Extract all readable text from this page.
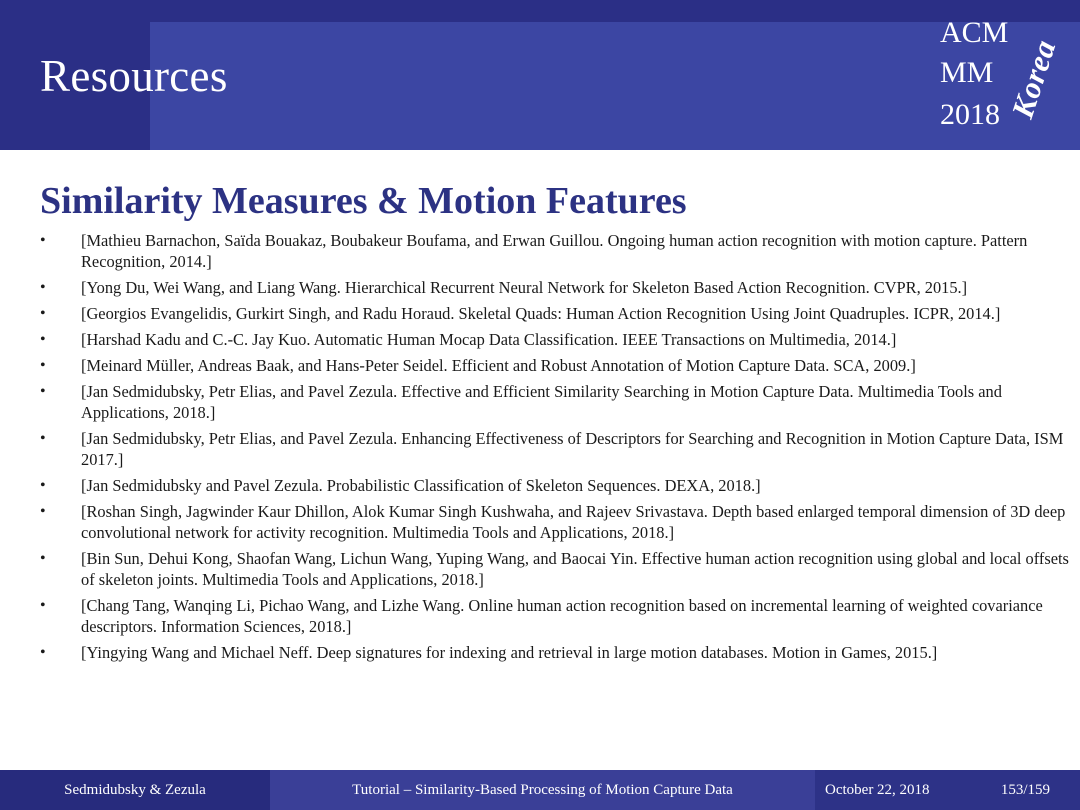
Resources
ACM
MM
2018 Korea
Similarity Measures & Motion Features
• [Mathieu Barnachon, Saïda Bouakaz, Boubakeur Boufama, and Erwan Guillou. Ongoing human action recognition with motion capture. Pattern Recognition, 2014.]
• [Yong Du, Wei Wang, and Liang Wang. Hierarchical Recurrent Neural Network for Skeleton Based Action Recognition. CVPR, 2015.]
• [Georgios Evangelidis, Gurkirt Singh, and Radu Horaud. Skeletal Quads: Human Action Recognition Using Joint Quadruples. ICPR, 2014.]
• [Harshad Kadu and C.-C. Jay Kuo. Automatic Human Mocap Data Classification. IEEE Transactions on Multimedia, 2014.]
• [Meinard Müller, Andreas Baak, and Hans-Peter Seidel. Efficient and Robust Annotation of Motion Capture Data. SCA, 2009.]
• [Jan Sedmidubsky, Petr Elias, and Pavel Zezula. Effective and Efficient Similarity Searching in Motion Capture Data. Multimedia Tools and Applications, 2018.]
• [Jan Sedmidubsky, Petr Elias, and Pavel Zezula. Enhancing Effectiveness of Descriptors for Searching and Recognition in Motion Capture Data, ISM 2017.]
• [Jan Sedmidubsky and Pavel Zezula. Probabilistic Classification of Skeleton Sequences. DEXA, 2018.]
• [Roshan Singh, Jagwinder Kaur Dhillon, Alok Kumar Singh Kushwaha, and Rajeev Srivastava. Depth based enlarged temporal dimension of 3D deep convolutional network for activity recognition. Multimedia Tools and Applications, 2018.]
• [Bin Sun, Dehui Kong, Shaofan Wang, Lichun Wang, Yuping Wang, and Baocai Yin. Effective human action recognition using global and local offsets of skeleton joints. Multimedia Tools and Applications, 2018.]
• [Chang Tang, Wanqing Li, Pichao Wang, and Lizhe Wang. Online human action recognition based on incremental learning of weighted covariance descriptors. Information Sciences, 2018.]
• [Yingying Wang and Michael Neff. Deep signatures for indexing and retrieval in large motion databases. Motion in Games, 2015.]
Sedmidubsky & Zezula	Tutorial – Similarity-Based Processing of Motion Capture Data	October 22, 2018	153/159
